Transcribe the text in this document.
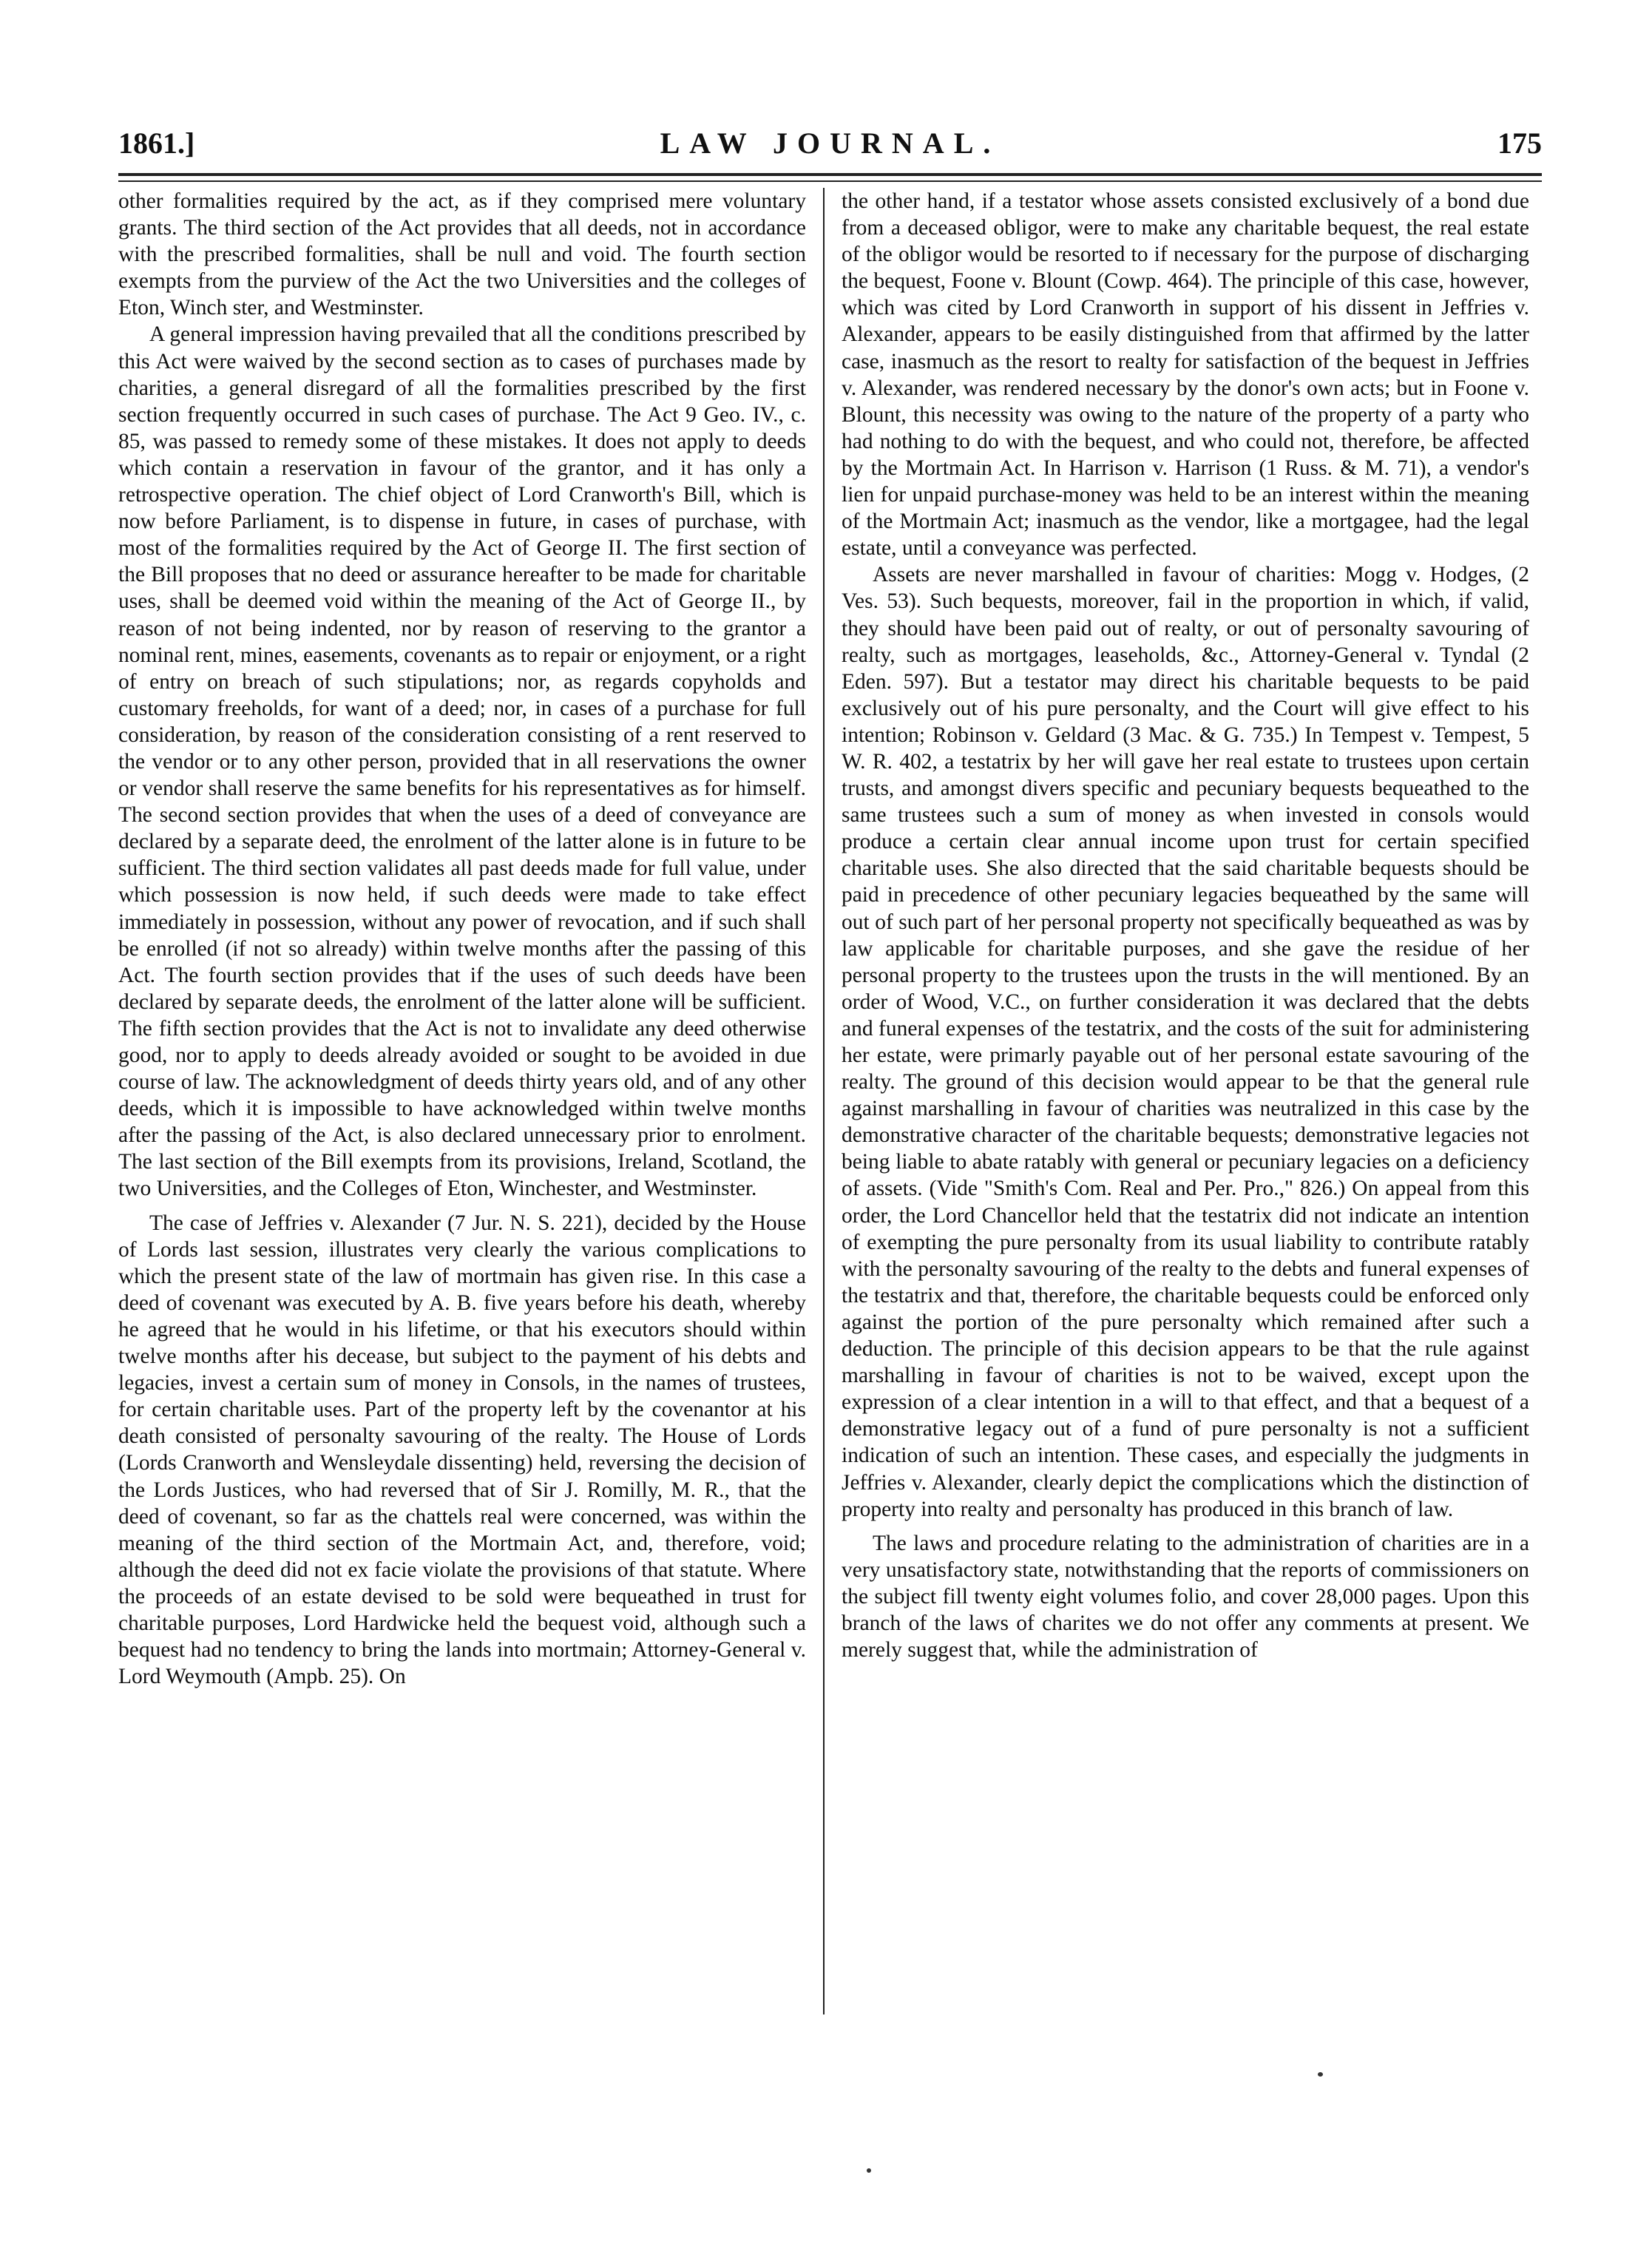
1861.]	LAW JOURNAL.	175

other formalities required by the act, as if they comprised mere voluntary grants. The third section of the Act provides that all deeds, not in accordance with the prescribed formalities, shall be null and void. The fourth section exempts from the purview of the Act the two Universities and the colleges of Eton, Winch ster, and Westminster.

A general impression having prevailed that all the conditions prescribed by this Act were waived by the second section as to cases of purchases made by charities, a general disregard of all the formalities prescribed by the first section frequently occurred in such cases of purchase. The Act 9 Geo. IV., c. 85, was passed to remedy some of these mistakes. It does not apply to deeds which contain a reservation in favour of the grantor, and it has only a retrospective operation. The chief object of Lord Cranworth's Bill, which is now before Parliament, is to dispense in future, in cases of purchase, with most of the formalities required by the Act of George II. The first section of the Bill proposes that no deed or assurance hereafter to be made for charitable uses, shall be deemed void within the meaning of the Act of George II., by reason of not being indented, nor by reason of reserving to the grantor a nominal rent, mines, easements, covenants as to repair or enjoyment, or a right of entry on breach of such stipulations; nor, as regards copyholds and customary freeholds, for want of a deed; nor, in cases of a purchase for full consideration, by reason of the consideration consisting of a rent reserved to the vendor or to any other person, provided that in all reservations the owner or vendor shall reserve the same benefits for his representatives as for himself. The second section provides that when the uses of a deed of conveyance are declared by a separate deed, the enrolment of the latter alone is in future to be sufficient. The third section validates all past deeds made for full value, under which possession is now held, if such deeds were made to take effect immediately in possession, without any power of revocation, and if such shall be enrolled (if not so already) within twelve months after the passing of this Act. The fourth section provides that if the uses of such deeds have been declared by separate deeds, the enrolment of the latter alone will be sufficient. The fifth section provides that the Act is not to invalidate any deed otherwise good, nor to apply to deeds already avoided or sought to be avoided in due course of law. The acknowledgment of deeds thirty years old, and of any other deeds, which it is impossible to have acknowledged within twelve months after the passing of the Act, is also declared unnecessary prior to enrolment. The last section of the Bill exempts from its provisions, Ireland, Scotland, the two Universities, and the Colleges of Eton, Winchester, and Westminster.

The case of Jeffries v. Alexander (7 Jur. N. S. 221), decided by the House of Lords last session, illustrates very clearly the various complications to which the present state of the law of mortmain has given rise. In this case a deed of covenant was executed by A. B. five years before his death, whereby he agreed that he would in his lifetime, or that his executors should within twelve months after his decease, but subject to the payment of his debts and legacies, invest a certain sum of money in Consols, in the names of trustees, for certain charitable uses. Part of the property left by the covenantor at his death consisted of personalty savouring of the realty. The House of Lords (Lords Cranworth and Wensleydale dissenting) held, reversing the decision of the Lords Justices, who had reversed that of Sir J. Romilly, M. R., that the deed of covenant, so far as the chattels real were concerned, was within the meaning of the third section of the Mortmain Act, and, therefore, void; although the deed did not ex facie violate the provisions of that statute. Where the proceeds of an estate devised to be sold were bequeathed in trust for charitable purposes, Lord Hardwicke held the bequest void, although such a bequest had no tendency to bring the lands into mortmain; Attorney-General v. Lord Weymouth (Ampb. 25). On

the other hand, if a testator whose assets consisted exclusively of a bond due from a deceased obligor, were to make any charitable bequest, the real estate of the obligor would be resorted to if necessary for the purpose of discharging the bequest, Foone v. Blount (Cowp. 464). The principle of this case, however, which was cited by Lord Cranworth in support of his dissent in Jeffries v. Alexander, appears to be easily distinguished from that affirmed by the latter case, inasmuch as the resort to realty for satisfaction of the bequest in Jeffries v. Alexander, was rendered necessary by the donor's own acts; but in Foone v. Blount, this necessity was owing to the nature of the property of a party who had nothing to do with the bequest, and who could not, therefore, be affected by the Mortmain Act. In Harrison v. Harrison (1 Russ. & M. 71), a vendor's lien for unpaid purchase-money was held to be an interest within the meaning of the Mortmain Act; inasmuch as the vendor, like a mortgagee, had the legal estate, until a conveyance was perfected.

Assets are never marshalled in favour of charities: Mogg v. Hodges, (2 Ves. 53). Such bequests, moreover, fail in the proportion in which, if valid, they should have been paid out of realty, or out of personalty savouring of realty, such as mortgages, leaseholds, &c., Attorney-General v. Tyndal (2 Eden. 597). But a testator may direct his charitable bequests to be paid exclusively out of his pure personalty, and the Court will give effect to his intention; Robinson v. Geldard (3 Mac. & G. 735.) In Tempest v. Tempest, 5 W. R. 402, a testatrix by her will gave her real estate to trustees upon certain trusts, and amongst divers specific and pecuniary bequests bequeathed to the same trustees such a sum of money as when invested in consols would produce a certain clear annual income upon trust for certain specified charitable uses. She also directed that the said charitable bequests should be paid in precedence of other pecuniary legacies bequeathed by the same will out of such part of her personal property not specifically bequeathed as was by law applicable for charitable purposes, and she gave the residue of her personal property to the trustees upon the trusts in the will mentioned. By an order of Wood, V.C., on further consideration it was declared that the debts and funeral expenses of the testatrix, and the costs of the suit for administering her estate, were primarly payable out of her personal estate savouring of the realty. The ground of this decision would appear to be that the general rule against marshalling in favour of charities was neutralized in this case by the demonstrative character of the charitable bequests; demonstrative legacies not being liable to abate ratably with general or pecuniary legacies on a deficiency of assets. (Vide "Smith's Com. Real and Per. Pro.," 826.) On appeal from this order, the Lord Chancellor held that the testatrix did not indicate an intention of exempting the pure personalty from its usual liability to contribute ratably with the personalty savouring of the realty to the debts and funeral expenses of the testatrix and that, therefore, the charitable bequests could be enforced only against the portion of the pure personalty which remained after such a deduction. The principle of this decision appears to be that the rule against marshalling in favour of charities is not to be waived, except upon the expression of a clear intention in a will to that effect, and that a bequest of a demonstrative legacy out of a fund of pure personalty is not a sufficient indication of such an intention. These cases, and especially the judgments in Jeffries v. Alexander, clearly depict the complications which the distinction of property into realty and personalty has produced in this branch of law.

The laws and procedure relating to the administration of charities are in a very unsatisfactory state, notwithstanding that the reports of commissioners on the subject fill twenty eight volumes folio, and cover 28,000 pages. Upon this branch of the laws of charites we do not offer any comments at present. We merely suggest that, while the administration of
